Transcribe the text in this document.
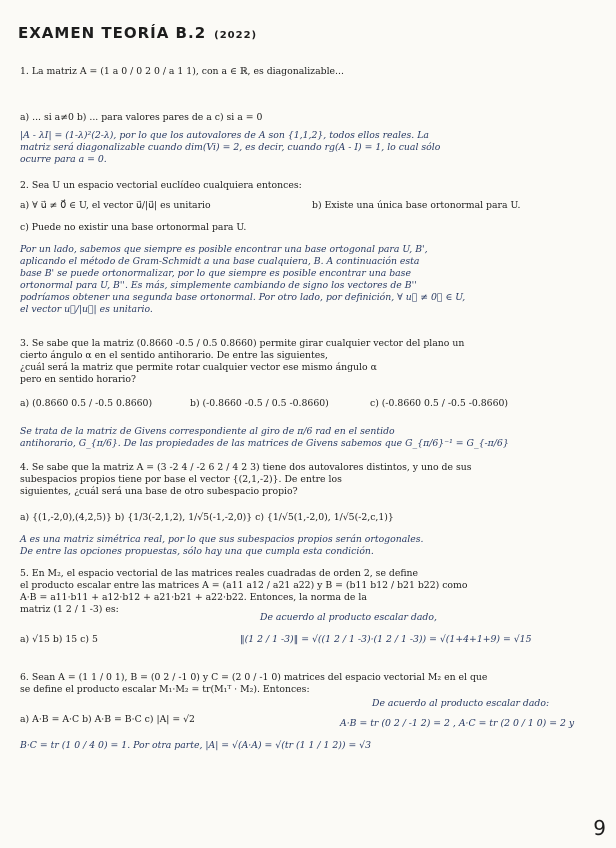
EXAMEN TEORÍA B.2 (2022)
1. La matriz A = (1 a 0 / 0 2 0 / a 1 1), con a ∈ ℝ, es diagonalizable...
a) ... si a≠0 b) ... para valores pares de a c) si a = 0
|A - λI| = (1-λ)²(2-λ), por lo que los autovalores de A son {1,1,2}, todos ellos reales. La
matriz será diagonalizable cuando dim(Vi) = 2, es decir, cuando rg(A - I) = 1, lo cual sólo
ocurre para a = 0.
2. Sea U un espacio vectorial euclídeo cualquiera entonces:
a) ∀ u⃗ ≠ 0⃗ ∈ U, el vector u⃗/|u⃗| es unitario	b) Existe una única base ortonormal para U.
c) Puede no existir una base ortonormal para U.
Por un lado, sabemos que siempre es posible encontrar una base ortogonal para U, B',
aplicando el método de Gram-Schmidt a una base cualquiera, B. A continuación esta
base B' se puede ortonormalizar, por lo que siempre es posible encontrar una base
ortonormal para U, B''. Es más, simplemente cambiando de signo los vectores de B''
podríamos obtener una segunda base ortonormal. Por otro lado, por definición, ∀ u⃗ ≠ 0⃗ ∈ U,
el vector u⃗/|u⃗| es unitario.
3. Se sabe que la matriz (0.8660 -0.5 / 0.5 0.8660) permite girar cualquier vector del plano un
cierto ángulo α en el sentido antihorario. De entre las siguientes,
¿cuál será la matriz que permite rotar cualquier vector ese mismo ángulo α
pero en sentido horario?
a) (0.8660 0.5 / -0.5 0.8660)	b) (-0.8660 -0.5 / 0.5 -0.8660)	c) (-0.8660 0.5 / -0.5 -0.8660)
Se trata de la matriz de Givens correspondiente al giro de π/6 rad en el sentido
antihorario, G_{π/6}. De las propiedades de las matrices de Givens sabemos que G_{π/6}⁻¹ = G_{-π/6}
4. Se sabe que la matriz A = (3 -2 4 / -2 6 2 / 4 2 3) tiene dos autovalores distintos, y uno de sus
subespacios propios tiene por base el vector {(2,1,-2)}. De entre los
siguientes, ¿cuál será una base de otro subespacio propio?
a) {(1,-2,0),(4,2,5)} b) {1/3(-2,1,2), 1/√5(-1,-2,0)} c) {1/√5(1,-2,0), 1/√5(-2,c,1)}
A es una matriz simétrica real, por lo que sus subespacios propios serán ortogonales.
De entre las opciones propuestas, sólo hay una que cumpla esta condición.
5. En M₂, el espacio vectorial de las matrices reales cuadradas de orden 2, se define
el producto escalar entre las matrices A = (a11 a12 / a21 a22) y B = (b11 b12 / b21 b22) como
A·B = a11·b11 + a12·b12 + a21·b21 + a22·b22. Entonces, la norma de la
matriz (1 2 / 1 -3) es:
De acuerdo al producto escalar dado,
a) √15 b) 15 c) 5	‖(1 2 / 1 -3)‖ = √((1 2 / 1 -3)·(1 2 / 1 -3)) = √(1+4+1+9) = √15
6. Sean A = (1 1 / 0 1), B = (0 2 / -1 0) y C = (2 0 / -1 0) matrices del espacio vectorial M₂ en el que
se define el producto escalar M₁·M₂ = tr(M₁ᵀ · M₂). Entonces:
De acuerdo al producto escalar dado:
a) A·B = A·C b) A·B = B·C c) |A| = √2	A·B = tr (0 2 / -1 2) = 2 , A·C = tr (2 0 / 1 0) = 2 y
B·C = tr (1 0 / 4 0) = 1. Por otra parte, |A| = √(A·A) = √(tr (1 1 / 1 2)) = √3
9
